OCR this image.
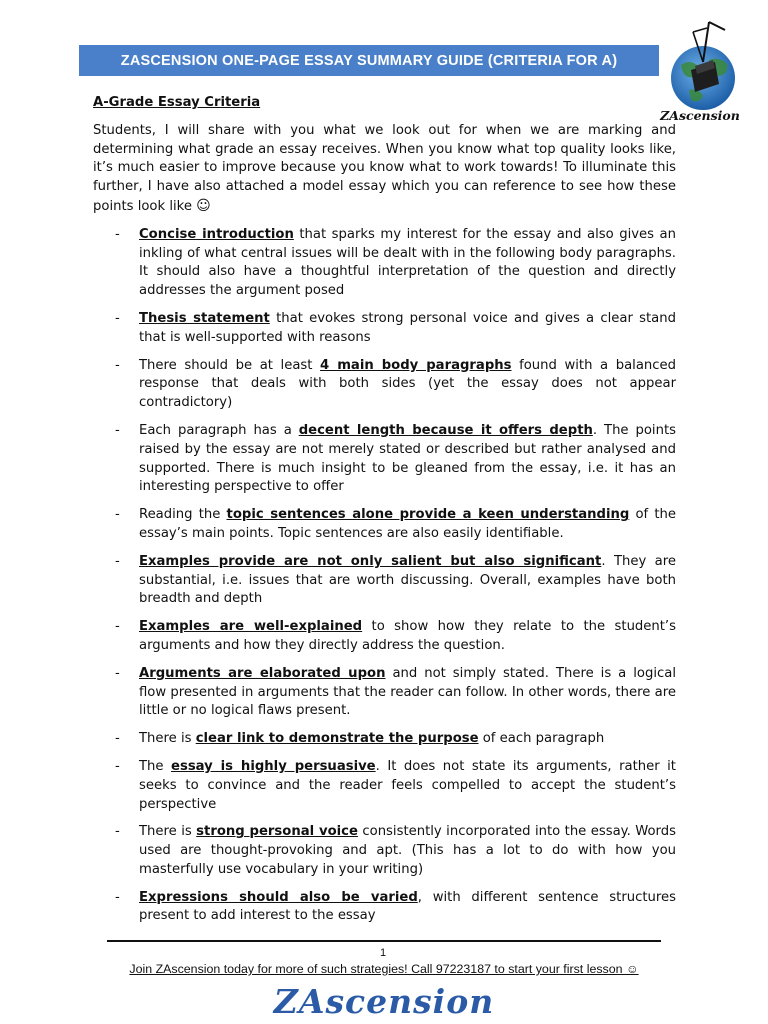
ZASCENSION ONE-PAGE ESSAY SUMMARY GUIDE (CRITERIA FOR A)
ZAscension
A-Grade Essay Criteria
Students, I will share with you what we look out for when we are marking and determining what grade an essay receives. When you know what top quality looks like, it’s much easier to improve because you know what to work towards! To illuminate this further, I have also attached a model essay which you can reference to see how these points look like ☺
- Concise introduction that sparks my interest for the essay and also gives an inkling of what central issues will be dealt with in the following body paragraphs. It should also have a thoughtful interpretation of the question and directly addresses the argument posed
- Thesis statement that evokes strong personal voice and gives a clear stand that is well-supported with reasons
- There should be at least 4 main body paragraphs found with a balanced response that deals with both sides (yet the essay does not appear contradictory)
- Each paragraph has a decent length because it offers depth. The points raised by the essay are not merely stated or described but rather analysed and supported. There is much insight to be gleaned from the essay, i.e. it has an interesting perspective to offer
- Reading the topic sentences alone provide a keen understanding of the essay’s main points. Topic sentences are also easily identifiable.
- Examples provide are not only salient but also significant. They are substantial, i.e. issues that are worth discussing. Overall, examples have both breadth and depth
- Examples are well-explained to show how they relate to the student’s arguments and how they directly address the question.
- Arguments are elaborated upon and not simply stated. There is a logical flow presented in arguments that the reader can follow. In other words, there are little or no logical flaws present.
- There is clear link to demonstrate the purpose of each paragraph
- The essay is highly persuasive. It does not state its arguments, rather it seeks to convince and the reader feels compelled to accept the student’s perspective
- There is strong personal voice consistently incorporated into the essay. Words used are thought-provoking and apt. (This has a lot to do with how you masterfully use vocabulary in your writing)
- Expressions should also be varied, with different sentence structures present to add interest to the essay
1
Join ZAscension today for more of such strategies! Call 97223187 to start your first lesson ☺
ZAscension
